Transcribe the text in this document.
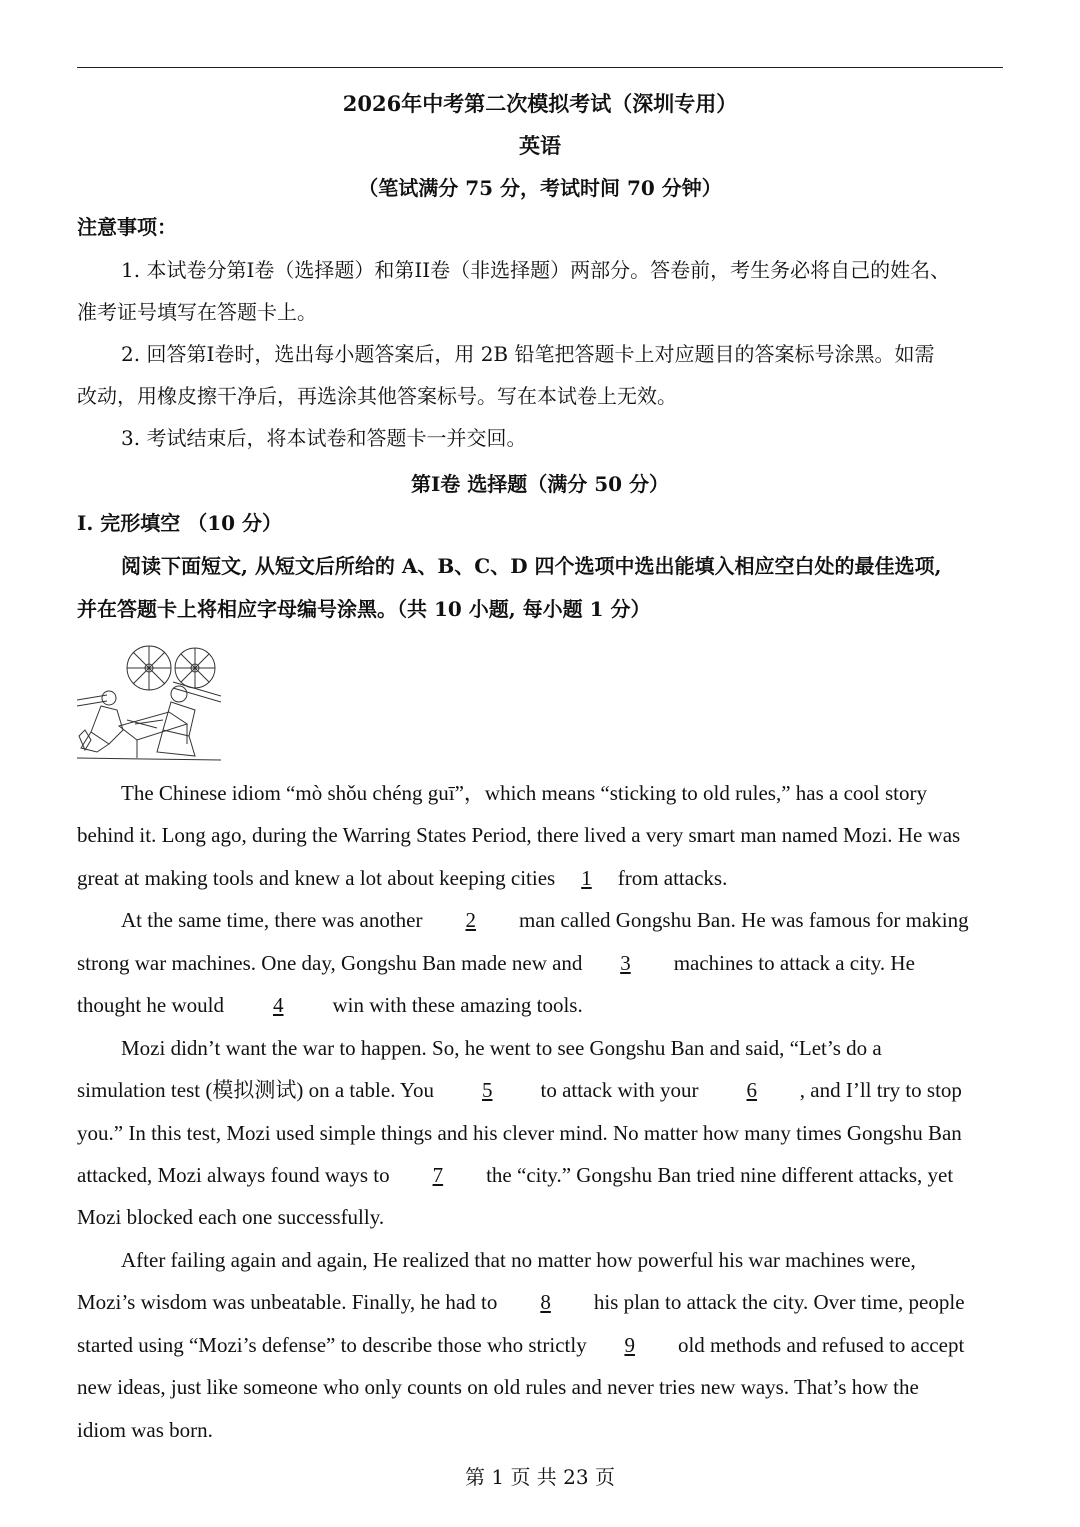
2026年中考第二次模拟考试（深圳专用）
英语
（笔试满分 75 分，考试时间 70 分钟）
注意事项：
1. 本试卷分第I卷（选择题）和第II卷（非选择题）两部分。答卷前，考生务必将自己的姓名、
准考证号填写在答题卡上。
2. 回答第I卷时，选出每小题答案后，用 2B 铅笔把答题卡上对应题目的答案标号涂黑。如需
改动，用橡皮擦干净后，再选涂其他答案标号。写在本试卷上无效。
3. 考试结束后，将本试卷和答题卡一并交回。
第I卷 选择题（满分 50 分）
I. 完形填空 （10 分）
阅读下面短文, 从短文后所给的 A、B、C、D 四个选项中选出能填入相应空白处的最佳选项,
并在答题卡上将相应字母编号涂黑。（共 10 小题, 每小题 1 分）
The Chinese idiom “mò shǒu chéng guī”，which means “sticking to old rules,” has a cool story
behind it. Long ago, during the Warring States Period, there lived a very smart man named Mozi. He was
great at making tools and knew a lot about keeping cities 1 from attacks.
At the same time, there was another 2 man called Gongshu Ban. He was famous for making
strong war machines. One day, Gongshu Ban made new and 3 machines to attack a city. He
thought he would 4 win with these amazing tools.
Mozi didn’t want the war to happen. So, he went to see Gongshu Ban and said, “Let’s do a
simulation test (模拟测试) on a table. You 5 to attack with your 6 , and I’ll try to stop
you.” In this test, Mozi used simple things and his clever mind. No matter how many times Gongshu Ban
attacked, Mozi always found ways to 7 the “city.” Gongshu Ban tried nine different attacks, yet
Mozi blocked each one successfully.
After failing again and again, He realized that no matter how powerful his war machines were,
Mozi’s wisdom was unbeatable. Finally, he had to 8 his plan to attack the city. Over time, people
started using “Mozi’s defense” to describe those who strictly 9 old methods and refused to accept
new ideas, just like someone who only counts on old rules and never tries new ways. That’s how the
idiom was born.
第 1 页 共 23 页
